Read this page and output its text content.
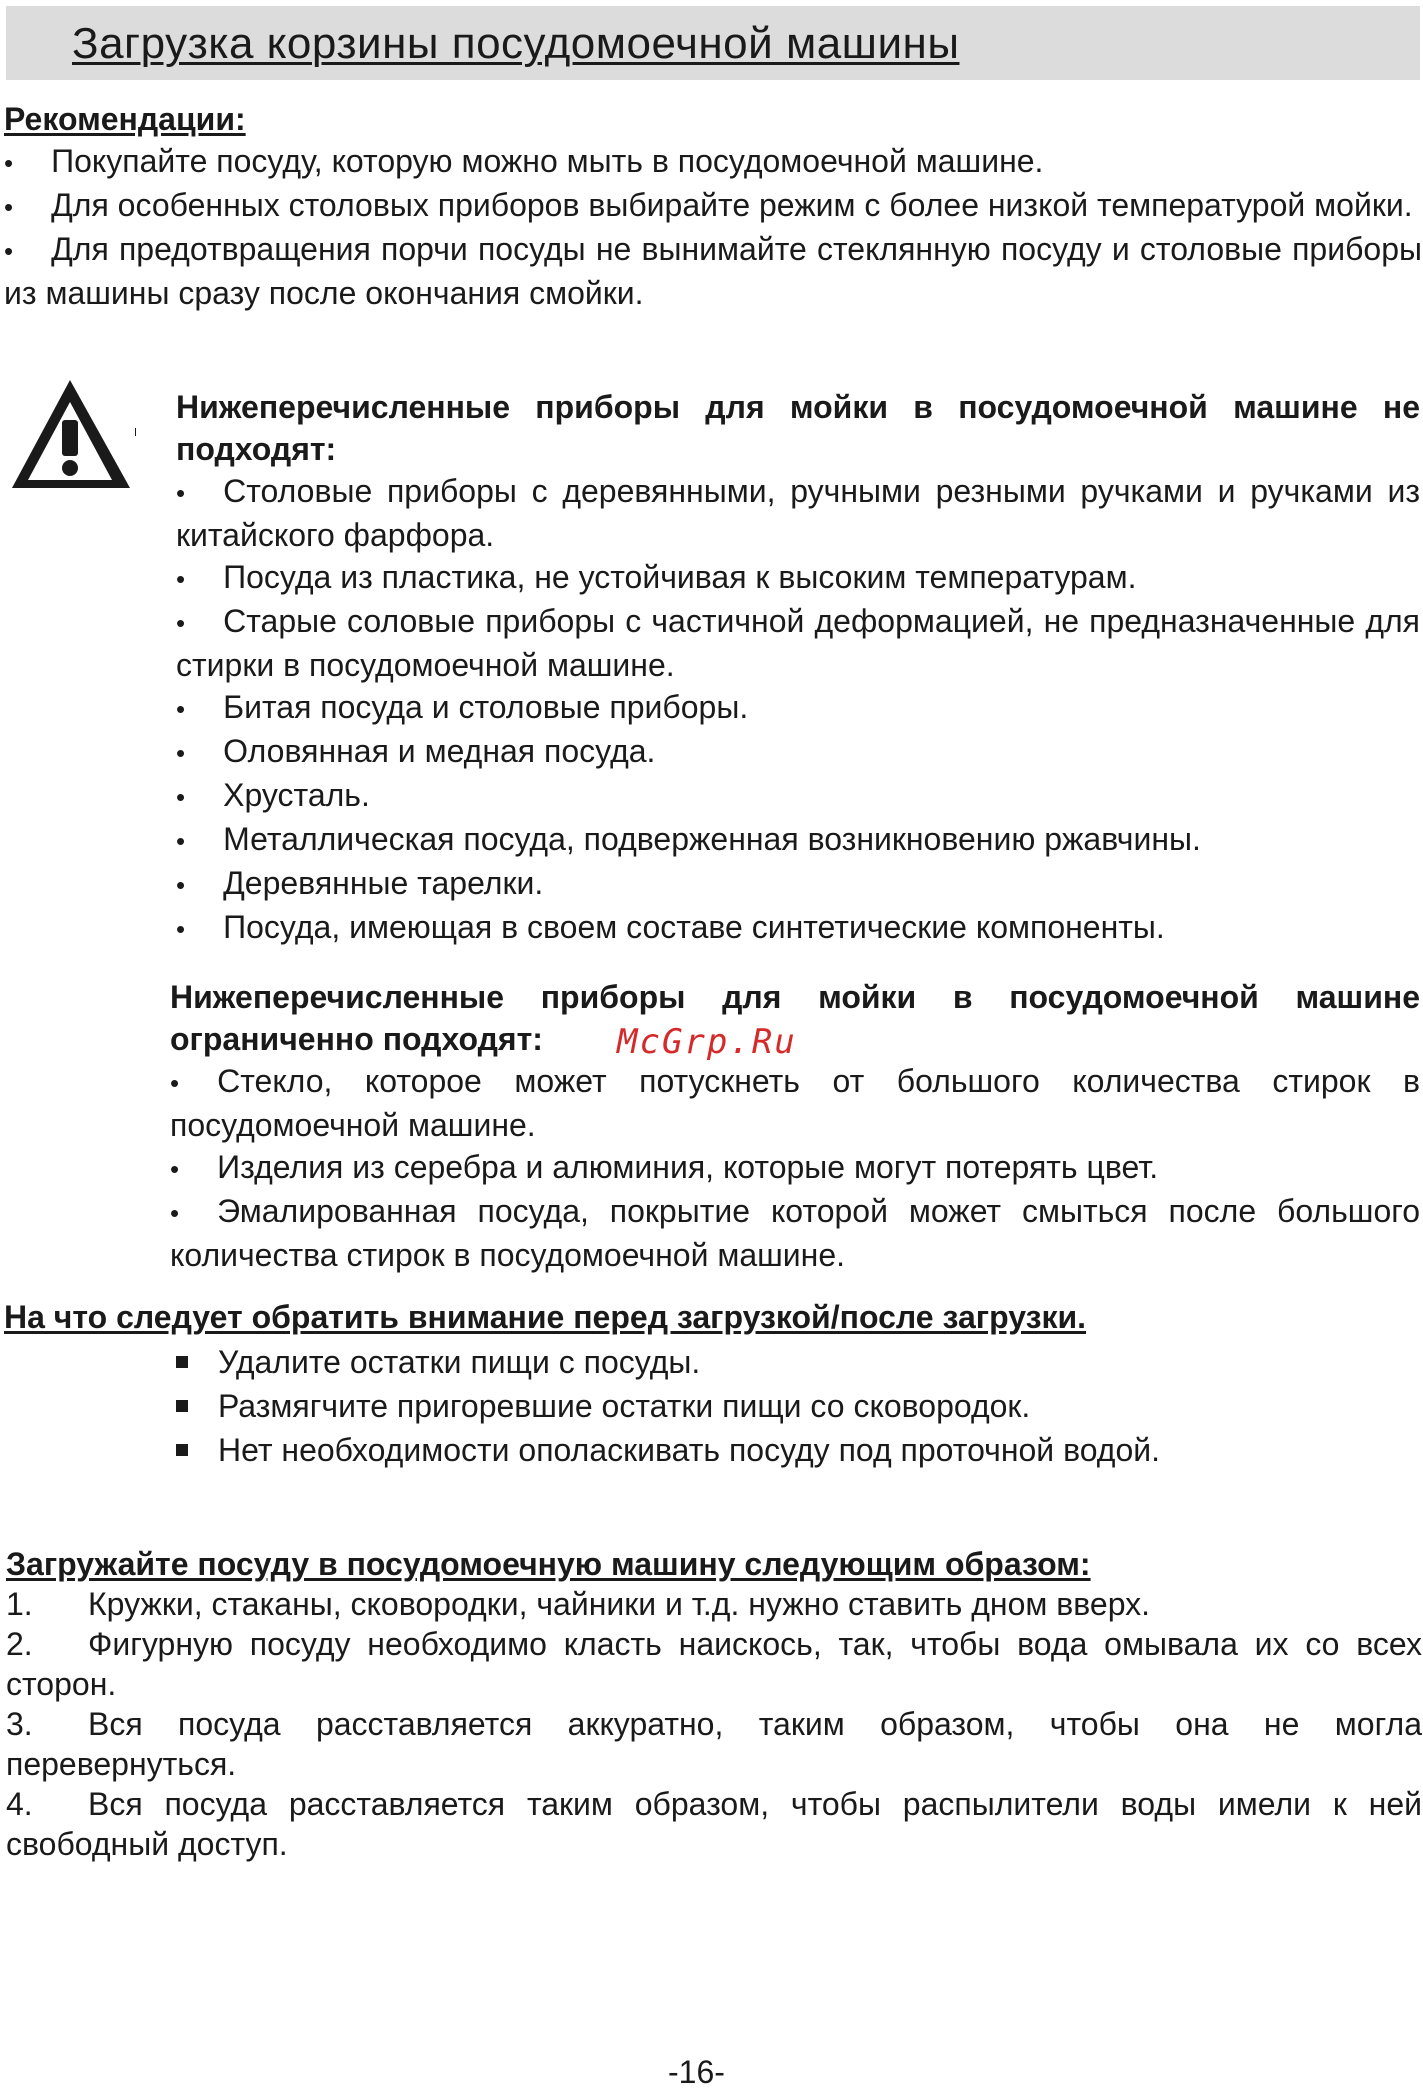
Загрузка корзины посудомоечной машины

Рекомендации:

• Покупайте посуду, которую можно мыть в посудомоечной машине.

• Для особенных столовых приборов выбирайте режим с более низкой температурой мойки.

• Для предотвращения порчи посуды не вынимайте стеклянную посуду и столовые приборы из машины сразу после окончания смойки.

Нижеперечисленные приборы для мойки в посудомоечной машине не подходят:

• Столовые приборы с деревянными, ручными резными ручками и ручками из китайского фарфора.

• Посуда из пластика, не устойчивая к высоким температурам.

• Старые соловые приборы с частичной деформацией, не предназначенные для стирки в посудомоечной машине.

• Битая посуда и столовые приборы.

• Оловянная и медная посуда.

• Хрусталь.

• Металлическая посуда, подверженная возникновению ржавчины.

• Деревянные тарелки.

• Посуда, имеющая в своем составе синтетические компоненты.

Нижеперечисленные приборы для мойки в посудомоечной машине ограниченно подходят:

• Стекло, которое может потускнеть от большого количества стирок в посудомоечной машине.

• Изделия из серебра и алюминия, которые могут потерять цвет.

• Эмалированная посуда, покрытие которой может смыться после большого количества стирок в посудомоечной машине.

McGrp.Ru

На что следует обратить внимание перед загрузкой/после загрузки.

Удалите остатки пищи с посуды.

Размягчите пригоревшие остатки пищи со сковородок.

Нет необходимости ополаскивать посуду под проточной водой.

Загружайте посуду в посудомоечную машину следующим образом:

1. Кружки, стаканы, сковородки, чайники и т.д. нужно ставить дном вверх.

2. Фигурную посуду необходимо класть наискось, так, чтобы вода омывала их со всех сторон.

3. Вся посуда расставляется аккуратно, таким образом, чтобы она не могла перевернуться.

4. Вся посуда расставляется таким образом, чтобы распылители воды имели к ней свободный доступ.

-16-
